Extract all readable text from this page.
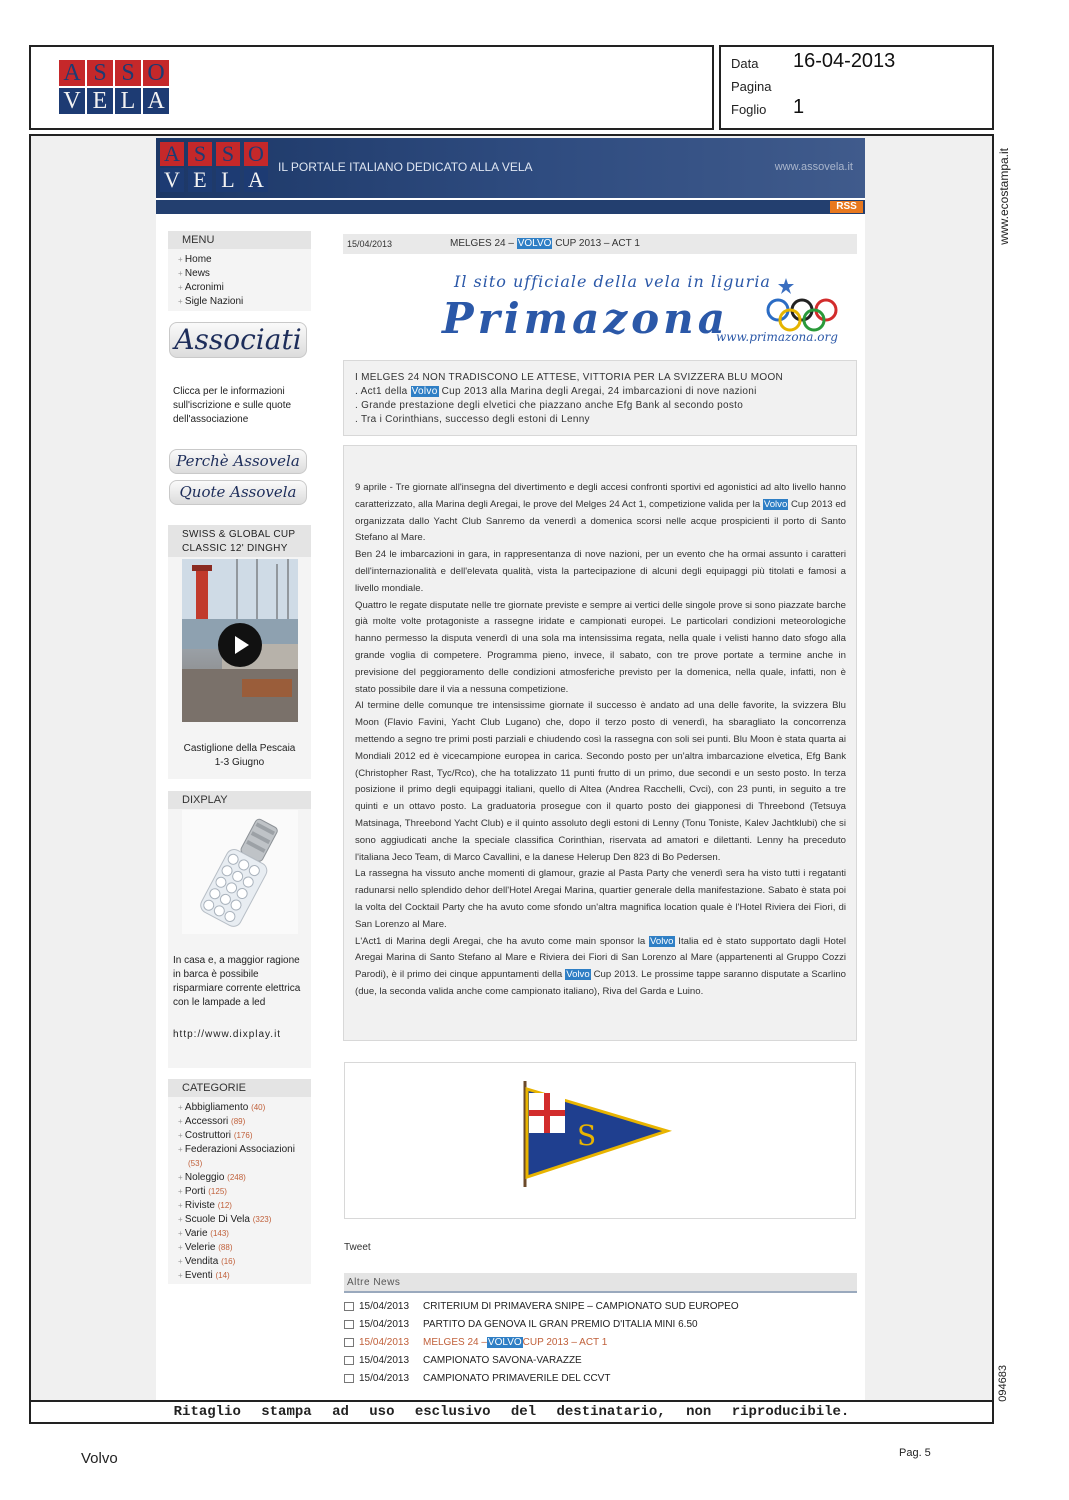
A S S O
V E L A
Data 16-04-2013
Pagina
Foglio 1
www.ecostampa.it
094683
Ritaglio stampa ad uso esclusivo del destinatario, non riproducibile.
A S S O
V E L A	IL PORTALE ITALIANO DEDICATO ALLA VELA	www.assovela.it
RSS
MENU
+ Home
+ News
+ Acronimi
+ Sigle Nazioni
Associati
Clicca per le informazioni
sull'iscrizione e sulle quote
dell'associazione
Perchè Assovela
Quote Assovela
SWISS & GLOBAL CUP
CLASSIC 12' DINGHY
Castiglione della Pescaia
1-3 Giugno
DIXPLAY
In casa e, a maggior ragione
in barca è possibile
risparmiare corrente elettrica
con le lampade a led
http://www.dixplay.it
CATEGORIE
+ Abbigliamento (40)
+ Accessori (89)
+ Costruttori (176)
+ Federazioni Associazioni
(53)
+ Noleggio (248)
+ Porti (125)
+ Riviste (12)
+ Scuole Di Vela (323)
+ Varie (143)
+ Velerie (88)
+ Vendita (16)
+ Eventi (14)
15/04/2013	MELGES 24 – VOLVO CUP 2013 – ACT 1
Il sito ufficiale della vela in liguria
Primazona
www.primazona.org
I MELGES 24 NON TRADISCONO LE ATTESE, VITTORIA PER LA SVIZZERA BLU MOON
. Act1 della Volvo Cup 2013 alla Marina degli Aregai, 24 imbarcazioni di nove nazioni
. Grande prestazione degli elvetici che piazzano anche Efg Bank al secondo posto
. Tra i Corinthians, successo degli estoni di Lenny

9 aprile - Tre giornate all'insegna del divertimento e degli accesi confronti sportivi ed agonistici ad alto livello hanno caratterizzato, alla Marina degli Aregai, le prove del Melges 24 Act 1, competizione valida per la Volvo Cup 2013 ed organizzata dallo Yacht Club Sanremo da venerdì a domenica scorsi nelle acque prospicienti il porto di Santo Stefano al Mare.

Ben 24 le imbarcazioni in gara, in rappresentanza di nove nazioni, per un evento che ha ormai assunto i caratteri dell'internazionalità e dell'elevata qualità, vista la partecipazione di alcuni degli equipaggi più titolati e famosi a livello mondiale.

Quattro le regate disputate nelle tre giornate previste e sempre ai vertici delle singole prove si sono piazzate barche già molte volte protagoniste a rassegne iridate e campionati europei. Le particolari condizioni meteorologiche hanno permesso la disputa venerdì di una sola ma intensissima regata, nella quale i velisti hanno dato sfogo alla grande voglia di competere. Programma pieno, invece, il sabato, con tre prove portate a termine anche in previsione del peggioramento delle condizioni atmosferiche previsto per la domenica, nella quale, infatti, non è stato possibile dare il via a nessuna competizione.

Al termine delle comunque tre intensissime giornate il successo è andato ad una delle favorite, la svizzera Blu Moon (Flavio Favini, Yacht Club Lugano) che, dopo il terzo posto di venerdì, ha sbaragliato la concorrenza mettendo a segno tre primi posti parziali e chiudendo così la rassegna con soli sei punti. Blu Moon è stata quarta ai Mondiali 2012 ed è vicecampione europea in carica. Secondo posto per un'altra imbarcazione elvetica, Efg Bank (Christopher Rast, Tyc/Rco), che ha totalizzato 11 punti frutto di un primo, due secondi e un sesto posto. In terza posizione il primo degli equipaggi italiani, quello di Altea (Andrea Racchelli, Cvci), con 23 punti, in seguito a tre quinti e un ottavo posto. La graduatoria prosegue con il quarto posto dei giapponesi di Threebond (Tetsuya Matsinaga, Threebond Yacht Club) e il quinto assoluto degli estoni di Lenny (Tonu Toniste, Kalev Jachtklubi) che si sono aggiudicati anche la speciale classifica Corinthian, riservata ad amatori e dilettanti. Lenny ha preceduto l'italiana Jeco Team, di Marco Cavallini, e la danese Helerup Den 823 di Bo Pedersen.

La rassegna ha vissuto anche momenti di glamour, grazie al Pasta Party che venerdì sera ha visto tutti i regatanti radunarsi nello splendido dehor dell'Hotel Aregai Marina, quartier generale della manifestazione. Sabato è stata poi la volta del Cocktail Party che ha avuto come sfondo un'altra magnifica location quale è l'Hotel Riviera dei Fiori, di San Lorenzo al Mare.

L'Act1 di Marina degli Aregai, che ha avuto come main sponsor la Volvo Italia ed è stato supportato dagli Hotel Aregai Marina di Santo Stefano al Mare e Riviera dei Fiori di San Lorenzo al Mare (appartenenti al Gruppo Cozzi Parodi), è il primo dei cinque appuntamenti della Volvo Cup 2013. Le prossime tappe saranno disputate a Scarlino (due, la seconda valida anche come campionato italiano), Riva del Garda e Luino.

S
Tweet
Altre News
15/04/2013	CRITERIUM DI PRIMAVERA SNIPE – CAMPIONATO SUD EUROPEO
15/04/2013	PARTITO DA GENOVA IL GRAN PREMIO D'ITALIA MINI 6.50
15/04/2013	MELGES 24 – VOLVO CUP 2013 – ACT 1
15/04/2013	CAMPIONATO SAVONA-VARAZZE
15/04/2013	CAMPIONATO PRIMAVERILE DEL CCVT
Volvo	Pag. 5
